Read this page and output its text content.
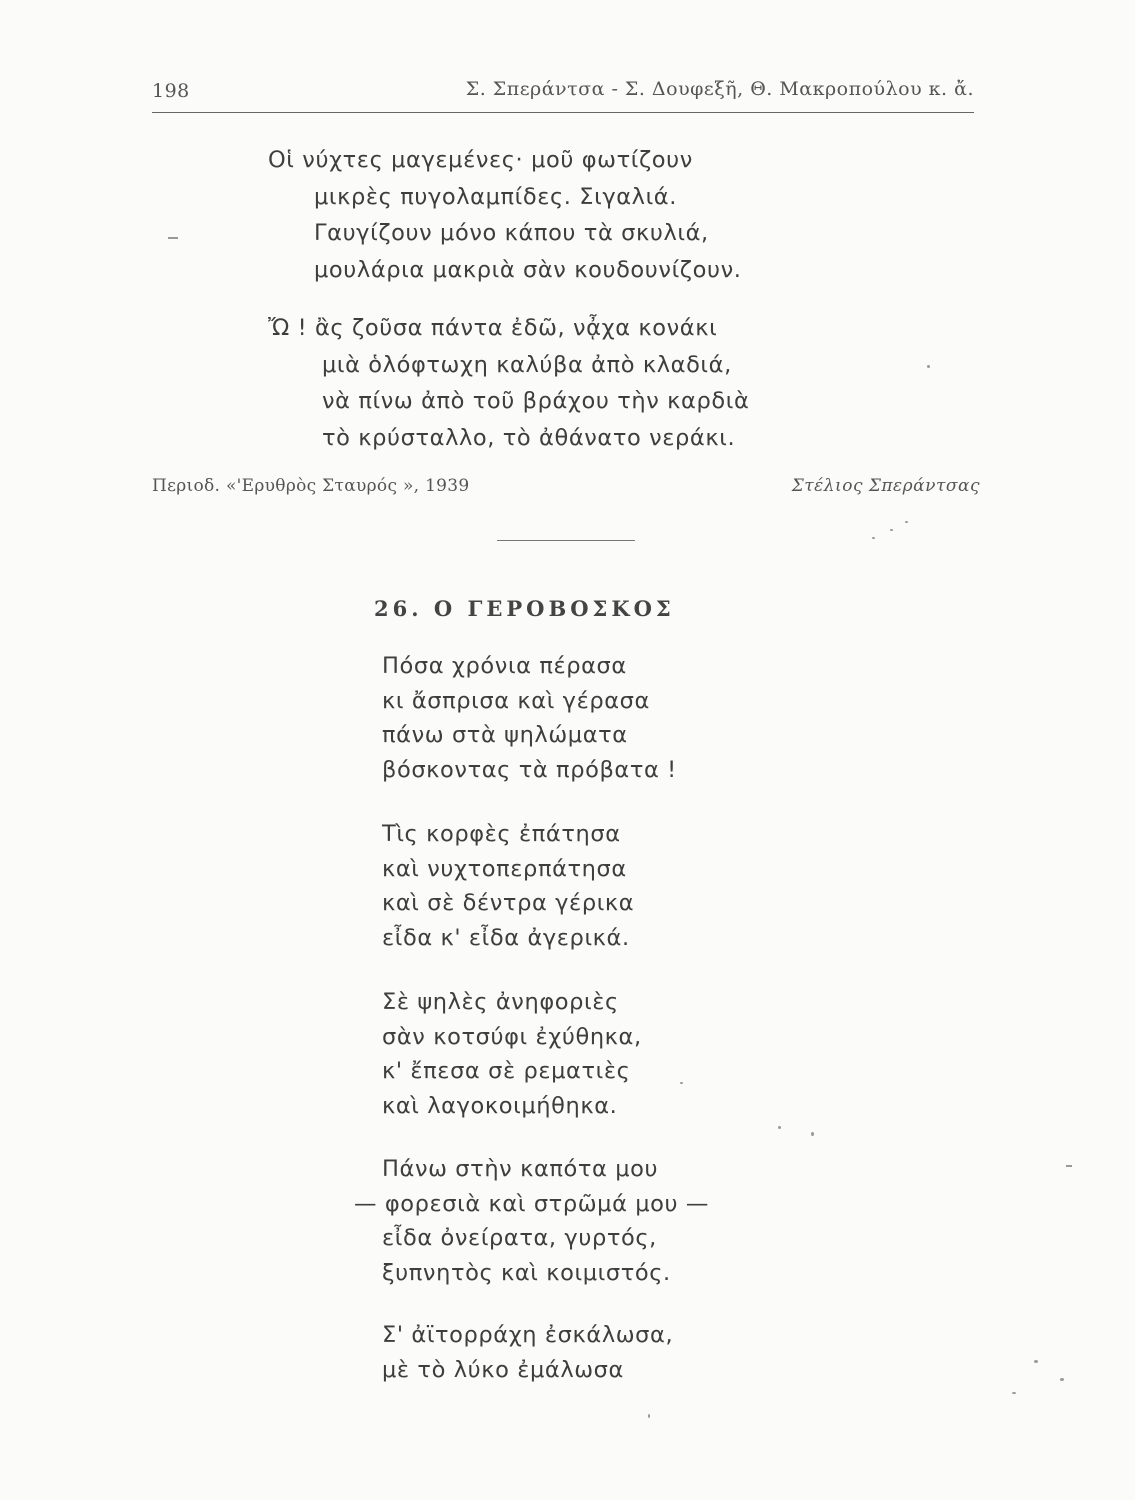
198	Σ. Σπεράντσα - Σ. Δουφεξῆ, Θ. Μακροπούλου κ. ἄ.
Οἱ νύχτες μαγεμένες· μοῦ φωτίζουν
μικρὲς πυγολαμπίδες. Σιγαλιά.
Γαυγίζουν μόνο κάπου τὰ σκυλιά,
μουλάρια μακριὰ σὰν κουδουνίζουν.
Ὤ ! ἂς ζοῦσα πάντα ἐδῶ, νᾆχα κονάκι
μιὰ ὁλόφτωχη καλύβα ἀπὸ κλαδιά,
νὰ πίνω ἀπὸ τοῦ βράχου τὴν καρδιὰ
τὸ κρύσταλλο, τὸ ἀθάνατο νεράκι.
Περιοδ. «'Ερυθρὸς Σταυρός », 1939	Στέλιος Σπεράντσας
26. Ο ΓΕΡΟΒΟΣΚΟΣ
Πόσα χρόνια πέρασα
κι ἄσπρισα καὶ γέρασα
πάνω στὰ ψηλώματα
βόσκοντας τὰ πρόβατα !
Τὶς κορφὲς ἐπάτησα
καὶ νυχτοπερπάτησα
καὶ σὲ δέντρα γέρικα
εἶδα κ' εἶδα ἀγερικά.
Σὲ ψηλὲς ἀνηφοριὲς
σὰν κοτσύφι ἐχύθηκα,
κ' ἔπεσα σὲ ρεματιὲς
καὶ λαγοκοιμήθηκα.
Πάνω στὴν καπότα μου
— φορεσιὰ καὶ στρῶμά μου —
εἶδα ὀνείρατα, γυρτός,
ξυπνητὸς καὶ κοιμιστός.
Σ' ἀϊτορράχη ἐσκάλωσα,
μὲ τὸ λύκο ἐμάλωσα
